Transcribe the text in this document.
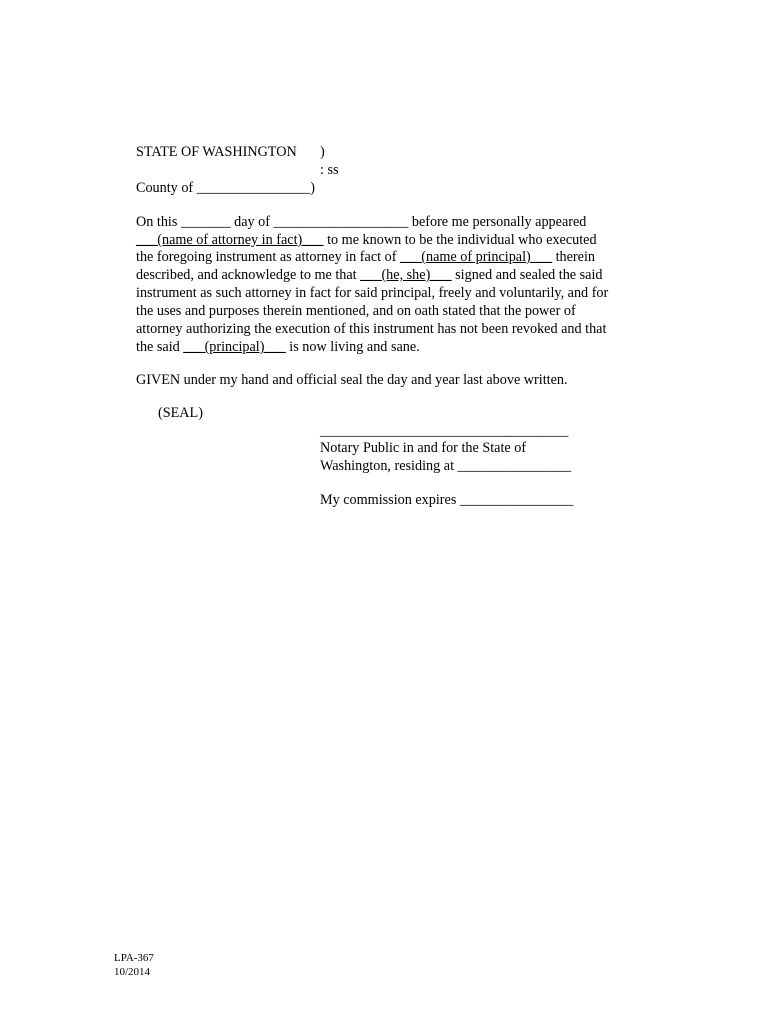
STATE OF WASHINGTON )
: ss
County of ________________)
On this _______ day of ___________________ before me personally appeared
___(name of attorney in fact)___ to me known to be the individual who executed
the foregoing instrument as attorney in fact of ___(name of principal)___ therein
described, and acknowledge to me that ___(he, she)___ signed and sealed the said
instrument as such attorney in fact for said principal, freely and voluntarily, and for
the uses and purposes therein mentioned, and on oath stated that the power of
attorney authorizing the execution of this instrument has not been revoked and that
the said ___(principal)___ is now living and sane.
GIVEN under my hand and official seal the day and year last above written.
(SEAL)
___________________________________
Notary Public in and for the State of
Washington, residing at ________________
My commission expires ________________
LPA-367
10/2014
